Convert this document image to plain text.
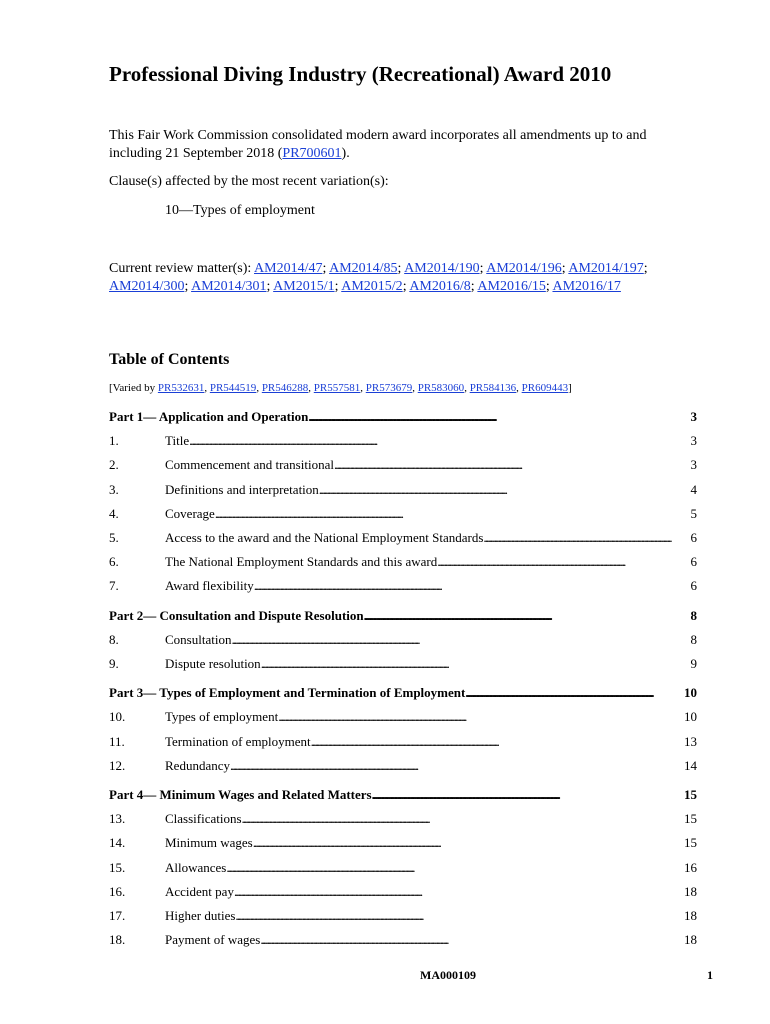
Professional Diving Industry (Recreational) Award 2010

This Fair Work Commission consolidated modern award incorporates all amendments up to and including 21 September 2018 (PR700601).

Clause(s) affected by the most recent variation(s):

10—Types of employment

Current review matter(s): AM2014/47; AM2014/85; AM2014/190; AM2014/196; AM2014/197; AM2014/300; AM2014/301; AM2015/1; AM2015/2; AM2016/8; AM2016/15; AM2016/17

Table of Contents

[Varied by PR532631, PR544519, PR546288, PR557581, PR573679, PR583060, PR584136, PR609443]

Part 1— Application and Operation . . .	3
1.	Title . . .	3
2.	Commencement and transitional . . .	3
3.	Definitions and interpretation . . .	4
4.	Coverage . . .	5
5.	Access to the award and the National Employment Standards . . .	6
6.	The National Employment Standards and this award . . .	6
7.	Award flexibility . . .	6
Part 2— Consultation and Dispute Resolution . . .	8
8.	Consultation . . .	8
9.	Dispute resolution . . .	9
Part 3— Types of Employment and Termination of Employment . . .	10
10.	Types of employment . . .	10
11.	Termination of employment . . .	13
12.	Redundancy . . .	14
Part 4— Minimum Wages and Related Matters . . .	15
13.	Classifications . . .	15
14.	Minimum wages . . .	15
15.	Allowances . . .	16
16.	Accident pay . . .	18
17.	Higher duties . . .	18
18.	Payment of wages . . .	18

MA000109	1
